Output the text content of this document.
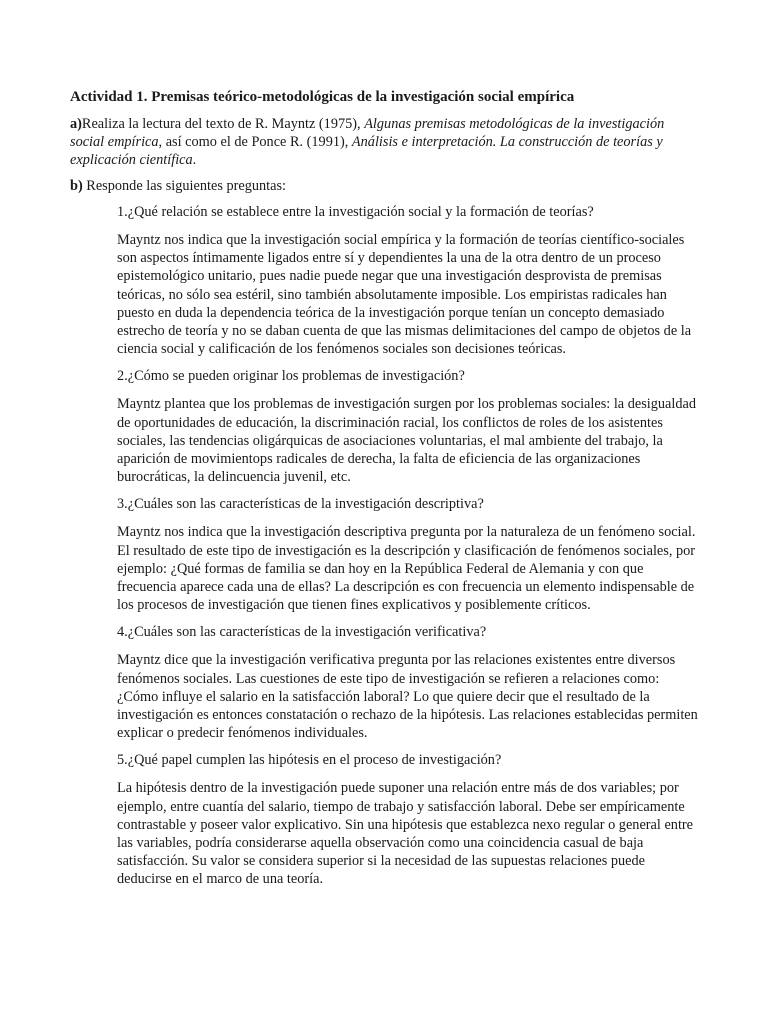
Actividad 1. Premisas teórico-metodológicas de la investigación social empírica
a)Realiza la lectura del texto de R. Mayntz (1975), Algunas premisas metodológicas de la investigación social empírica, así como el de Ponce R. (1991), Análisis e interpretación. La construcción de teorías y explicación científica.
b) Responde las siguientes preguntas:
1.¿Qué relación se establece entre la investigación social y la formación de teorías?
Mayntz nos indica que la investigación social empírica y la formación de teorías científico-sociales son aspectos íntimamente ligados entre sí y dependientes la una de la otra dentro de un proceso epistemológico unitario, pues nadie puede negar que una investigación desprovista de premisas teóricas, no sólo sea estéril, sino también absolutamente imposible. Los empiristas radicales han puesto en duda la dependencia teórica de la investigación porque tenían un concepto demasiado estrecho de teoría y no se daban cuenta de que las mismas delimitaciones del campo de objetos de la ciencia social y calificación de los fenómenos sociales son decisiones teóricas.
2.¿Cómo se pueden originar los problemas de investigación?
Mayntz plantea que los problemas de investigación surgen por los problemas sociales: la desigualdad de oportunidades de educación, la discriminación racial, los conflictos de roles de los asistentes sociales, las tendencias oligárquicas de asociaciones voluntarias, el mal ambiente del trabajo, la aparición de movimientops radicales de derecha, la falta de eficiencia de las organizaciones burocráticas, la delincuencia juvenil, etc.
3.¿Cuáles son las características de la investigación descriptiva?
Mayntz nos indica que la investigación descriptiva pregunta por la naturaleza de un fenómeno social. El resultado de este tipo de investigación es la descripción y clasificación de fenómenos sociales, por ejemplo: ¿Qué formas de familia se dan hoy en la República Federal de Alemania y con que frecuencia aparece cada una de ellas? La descripción es con frecuencia un elemento indispensable de los procesos de investigación que tienen fines explicativos y posiblemente críticos.
4.¿Cuáles son las características de la investigación verificativa?
Mayntz dice que la investigación verificativa pregunta por las relaciones existentes entre diversos fenómenos sociales. Las cuestiones de este tipo de investigación se refieren a relaciones como: ¿Cómo influye el salario en la satisfacción laboral? Lo que quiere decir que el resultado de la investigación es entonces constatación o rechazo de la hipótesis. Las relaciones establecidas permiten explicar o predecir fenómenos individuales.
5.¿Qué papel cumplen las hipótesis en el proceso de investigación?
La hipótesis dentro de la investigación puede suponer una relación entre más de dos variables; por ejemplo, entre cuantía del salario, tiempo de trabajo y satisfacción laboral. Debe ser empíricamente contrastable y poseer valor explicativo. Sin una hipótesis que establezca nexo regular o general entre las variables, podría considerarse aquella observación como una coincidencia casual de baja satisfacción. Su valor se considera superior si la necesidad de las supuestas relaciones puede deducirse en el marco de una teoría.
